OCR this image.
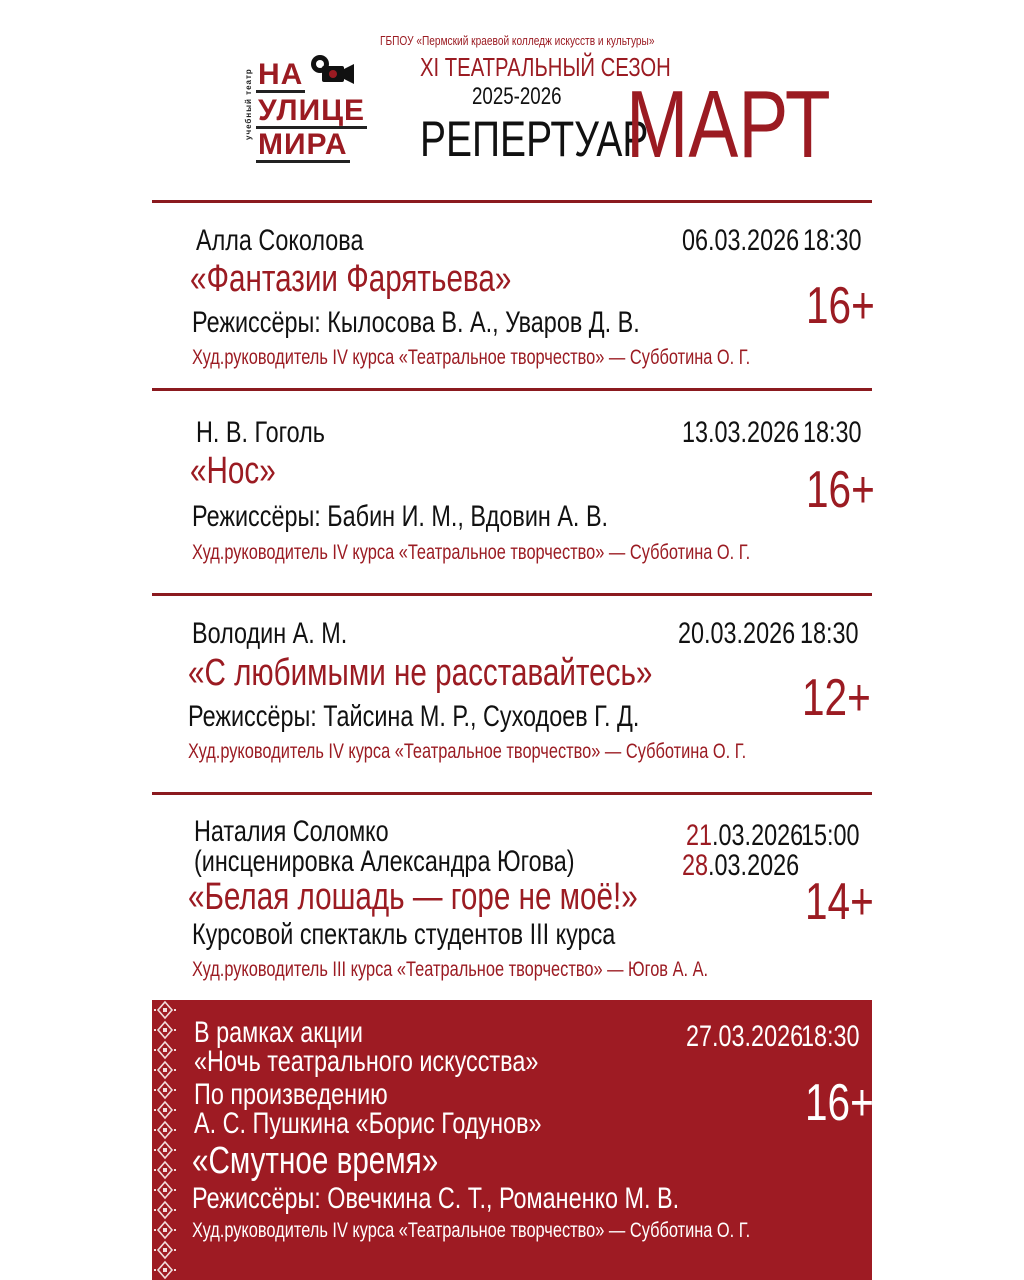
учебный театр НА
УЛИЦЕ
МИРА
ГБПОУ «Пермский краевой колледж искусств и культуры»
XI ТЕАТРАЛЬНЫЙ СЕЗОН
2025-2026
РЕПЕРТУАР
МАРТ
Алла Соколова
«Фантазии Фарятьева»
Режиссёры: Кылосова В. А., Уваров Д. В.
Худ.руководитель IV курса «Театральное творчество» — Субботина О. Г.
06.03.2026 18:30
16+
Н. В. Гоголь
«Нос»
Режиссёры: Бабин И. М., Вдовин А. В.
Худ.руководитель IV курса «Театральное творчество» — Субботина О. Г.
13.03.2026 18:30
16+
Володин А. М.
«С любимыми не расставайтесь»
Режиссёры: Тайсина М. Р., Суходоев Г. Д.
Худ.руководитель IV курса «Театральное творчество» — Субботина О. Г.
20.03.2026 18:30
12+
Наталия Соломко
(инсценировка Александра Югова)
«Белая лошадь — горе не моё!»
Курсовой спектакль студентов III курса
Худ.руководитель III курса «Театральное творчество» — Югов А. А.
21.03.2026
28.03.2026
15:00
14+
В рамках акции
«Ночь театрального искусства»
По произведению
А. С. Пушкина «Борис Годунов»
«Смутное время»
Режиссёры: Овечкина С. Т., Романенко М. В.
Худ.руководитель IV курса «Театральное творчество» — Субботина О. Г.
27.03.2026
18:30
16+
